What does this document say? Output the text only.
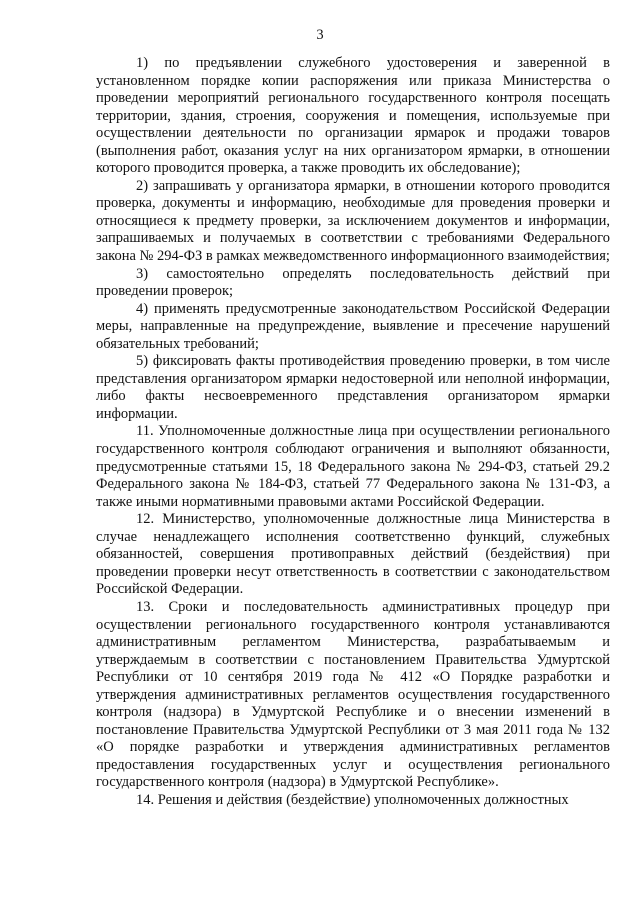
3

1) по предъявлении служебного удостоверения и заверенной в установленном порядке копии распоряжения или приказа Министерства о проведении мероприятий регионального государственного контроля посещать территории, здания, строения, сооружения и помещения, используемые при осуществлении деятельности по организации ярмарок и продажи товаров (выполнения работ, оказания услуг на них организатором ярмарки, в отношении которого проводится проверка, а также проводить их обследование);

2) запрашивать у организатора ярмарки, в отношении которого проводится проверка, документы и информацию, необходимые для проведения проверки и относящиеся к предмету проверки, за исключением документов и информации, запрашиваемых и получаемых в соответствии с требованиями Федерального закона № 294-ФЗ в рамках межведомственного информационного взаимодействия;

3) самостоятельно определять последовательность действий при проведении проверок;

4) применять предусмотренные законодательством Российской Федерации меры, направленные на предупреждение, выявление и пресечение нарушений обязательных требований;

5) фиксировать факты противодействия проведению проверки, в том числе представления организатором ярмарки недостоверной или неполной информации, либо факты несвоевременного представления организатором ярмарки информации.

11. Уполномоченные должностные лица при осуществлении регионального государственного контроля соблюдают ограничения и выполняют обязанности, предусмотренные статьями 15, 18 Федерального закона № 294-ФЗ, статьей 29.2 Федерального закона № 184-ФЗ, статьей 77 Федерального закона № 131-ФЗ, а также иными нормативными правовыми актами Российской Федерации.

12. Министерство, уполномоченные должностные лица Министерства в случае ненадлежащего исполнения соответственно функций, служебных обязанностей, совершения противоправных действий (бездействия) при проведении проверки несут ответственность в соответствии с законодательством Российской Федерации.

13. Сроки и последовательность административных процедур при осуществлении регионального государственного контроля устанавливаются административным регламентом Министерства, разрабатываемым и утверждаемым в соответствии с постановлением Правительства Удмуртской Республики от 10 сентября 2019 года № 412 «О Порядке разработки и утверждения административных регламентов осуществления государственного контроля (надзора) в Удмуртской Республике и о внесении изменений в постановление Правительства Удмуртской Республики от 3 мая 2011 года № 132 «О порядке разработки и утверждения административных регламентов предоставления государственных услуг и осуществления регионального государственного контроля (надзора) в Удмуртской Республике».

14. Решения и действия (бездействие) уполномоченных должностных
